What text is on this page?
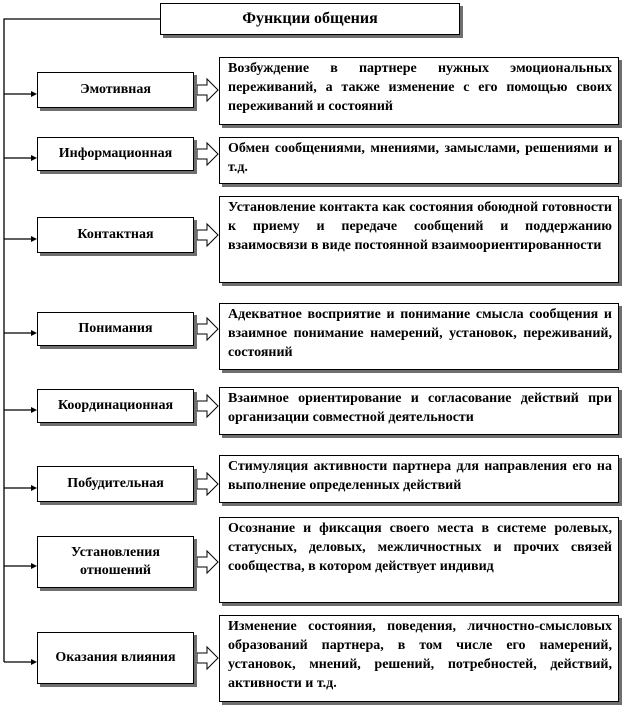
Функции общения
Эмотивная
Возбуждение в партнере нужных эмоциональных переживаний, а также изменение с его помощью своих переживаний и состояний
Информационная	Обмен сообщениями, мнениями, замыслами, решениями и т.д.
Контактная
Установление контакта как состояния обоюдной готовности к приему и передаче сообщений и поддержанию взаимосвязи в виде постоянной взаимоориентированности
Понимания
Адекватное восприятие и понимание смысла сообщения и взаимное понимание намерений, установок, переживаний, состояний
Координационная	Взаимное ориентирование и согласование действий при организации совместной деятельности
Побудительная
Стимуляция активности партнера для направления его на выполнение определенных действий
Установления отношений
Осознание и фиксация своего места в системе ролевых, статусных, деловых, межличностных и прочих связей сообщества, в котором действует индивид
Оказания влияния
Изменение состояния, поведения, личностно-смысловых образований партнера, в том числе его намерений, установок, мнений, решений, потребностей, действий, активности и т.д.
